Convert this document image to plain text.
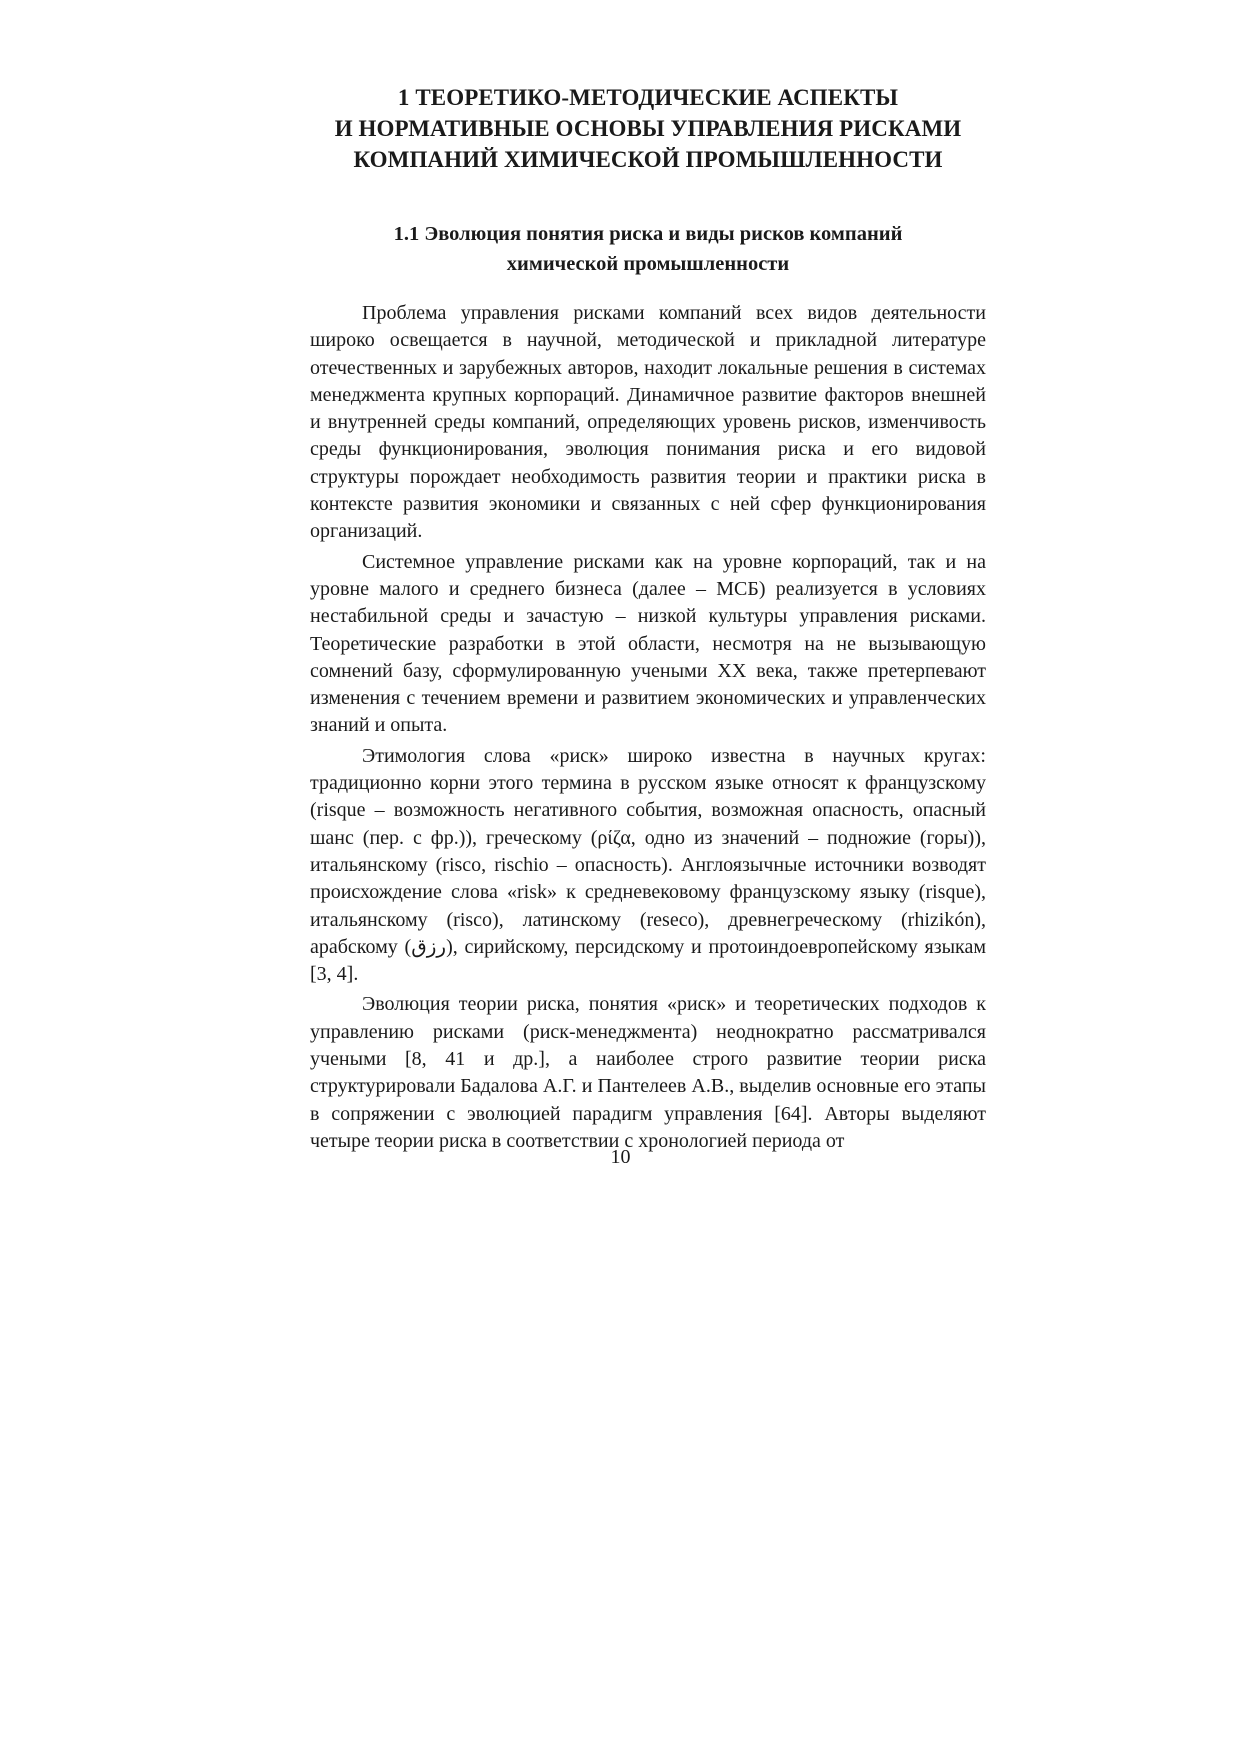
1 ТЕОРЕТИКО-МЕТОДИЧЕСКИЕ АСПЕКТЫ
И НОРМАТИВНЫЕ ОСНОВЫ УПРАВЛЕНИЯ РИСКАМИ
КОМПАНИЙ ХИМИЧЕСКОЙ ПРОМЫШЛЕННОСТИ
1.1 Эволюция понятия риска и виды рисков компаний
химической промышленности

Проблема управления рисками компаний всех видов деятельности широко освещается в научной, методической и прикладной литературе отечественных и зарубежных авторов, находит локальные решения в системах менеджмента крупных корпораций. Динамичное развитие факторов внешней и внутренней среды компаний, определяющих уровень рисков, изменчивость среды функционирования, эволюция понимания риска и его видовой структуры порождает необходимость развития теории и практики риска в контексте развития экономики и связанных с ней сфер функционирования организаций.

Системное управление рисками как на уровне корпораций, так и на уровне малого и среднего бизнеса (далее – МСБ) реализуется в условиях нестабильной среды и зачастую – низкой культуры управления рисками. Теоретические разработки в этой области, несмотря на не вызывающую сомнений базу, сформулированную учеными XX века, также претерпевают изменения с течением времени и развитием экономических и управленческих знаний и опыта.

Этимология слова «риск» широко известна в научных кругах: традиционно корни этого термина в русском языке относят к французскому (risque – возможность негативного события, возможная опасность, опасный шанс (пер. с фр.)), греческому (ρίζα, одно из значений – подножие (горы)), итальянскому (risco, rischio – опасность). Англоязычные источники возводят происхождение слова «risk» к средневековому французскому языку (risque), итальянскому (risco), латинскому (reseco), древнегреческому (rhizikón), арабскому (رزق), сирийскому, персидскому и протоиндоевропейскому языкам [3, 4].

Эволюция теории риска, понятия «риск» и теоретических подходов к управлению рисками (риск-менеджмента) неоднократно рассматривался учеными [8, 41 и др.], а наиболее строго развитие теории риска структурировали Бадалова А.Г. и Пантелеев А.В., выделив основные его этапы в сопряжении с эволюцией парадигм управления [64]. Авторы выделяют четыре теории риска в соответствии с хронологией периода от

10
